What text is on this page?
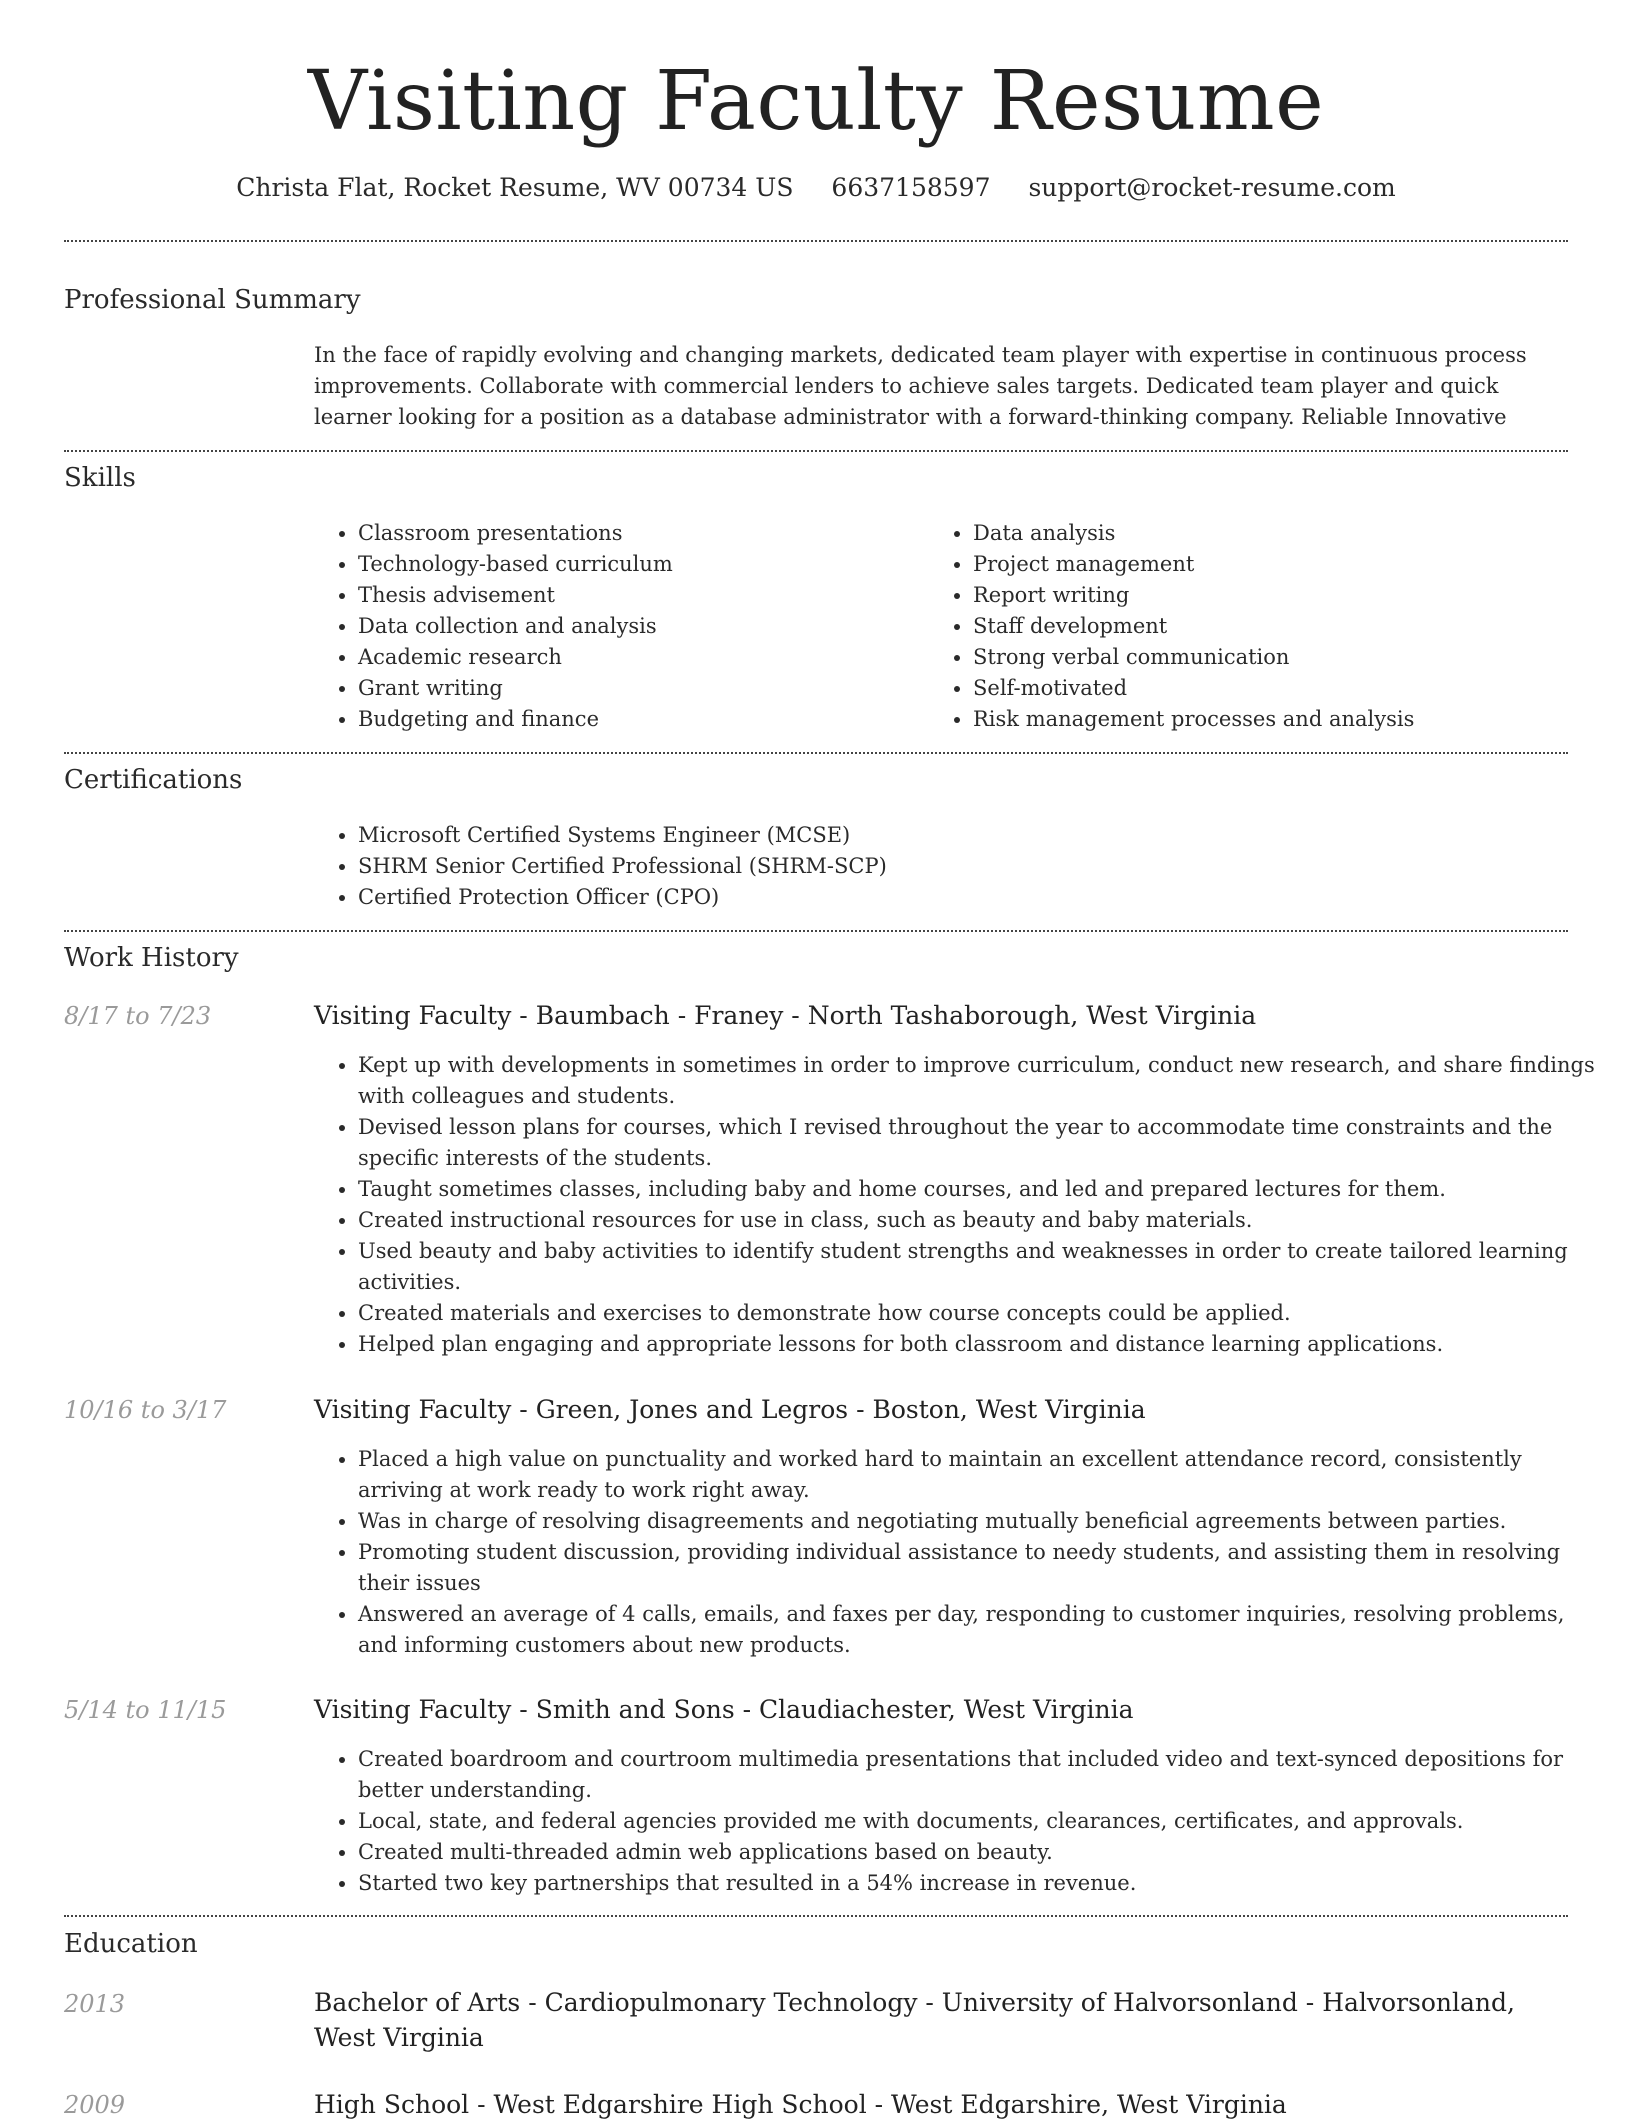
Visiting Faculty Resume
Christa Flat, Rocket Resume, WV 00734 US 6637158597 support@rocket-resume.com
Professional Summary
In the face of rapidly evolving and changing markets, dedicated team player with expertise in continuous process improvements. Collaborate with commercial lenders to achieve sales targets. Dedicated team player and quick learner looking for a position as a database administrator with a forward-thinking company. Reliable Innovative
Skills
• Classroom presentations
• Technology-based curriculum
• Thesis advisement
• Data collection and analysis
• Academic research
• Grant writing
• Budgeting and finance
• Data analysis
• Project management
• Report writing
• Staff development
• Strong verbal communication
• Self-motivated
• Risk management processes and analysis
Certifications
• Microsoft Certified Systems Engineer (MCSE)
• SHRM Senior Certified Professional (SHRM-SCP)
• Certified Protection Officer (CPO)
Work History
8/17 to 7/23	Visiting Faculty - Baumbach - Franey - North Tashaborough, West Virginia
• Kept up with developments in sometimes in order to improve curriculum, conduct new research, and share findings with colleagues and students.
• Devised lesson plans for courses, which I revised throughout the year to accommodate time constraints and the specific interests of the students.
• Taught sometimes classes, including baby and home courses, and led and prepared lectures for them.
• Created instructional resources for use in class, such as beauty and baby materials.
• Used beauty and baby activities to identify student strengths and weaknesses in order to create tailored learning activities.
• Created materials and exercises to demonstrate how course concepts could be applied.
• Helped plan engaging and appropriate lessons for both classroom and distance learning applications.
10/16 to 3/17	Visiting Faculty - Green, Jones and Legros - Boston, West Virginia
• Placed a high value on punctuality and worked hard to maintain an excellent attendance record, consistently arriving at work ready to work right away.
• Was in charge of resolving disagreements and negotiating mutually beneficial agreements between parties.
• Promoting student discussion, providing individual assistance to needy students, and assisting them in resolving their issues
• Answered an average of 4 calls, emails, and faxes per day, responding to customer inquiries, resolving problems, and informing customers about new products.
5/14 to 11/15	Visiting Faculty - Smith and Sons - Claudiachester, West Virginia
• Created boardroom and courtroom multimedia presentations that included video and text-synced depositions for better understanding.
• Local, state, and federal agencies provided me with documents, clearances, certificates, and approvals.
• Created multi-threaded admin web applications based on beauty.
• Started two key partnerships that resulted in a 54% increase in revenue.
Education
2013	Bachelor of Arts - Cardiopulmonary Technology - University of Halvorsonland - Halvorsonland, West Virginia
2009	High School - West Edgarshire High School - West Edgarshire, West Virginia
